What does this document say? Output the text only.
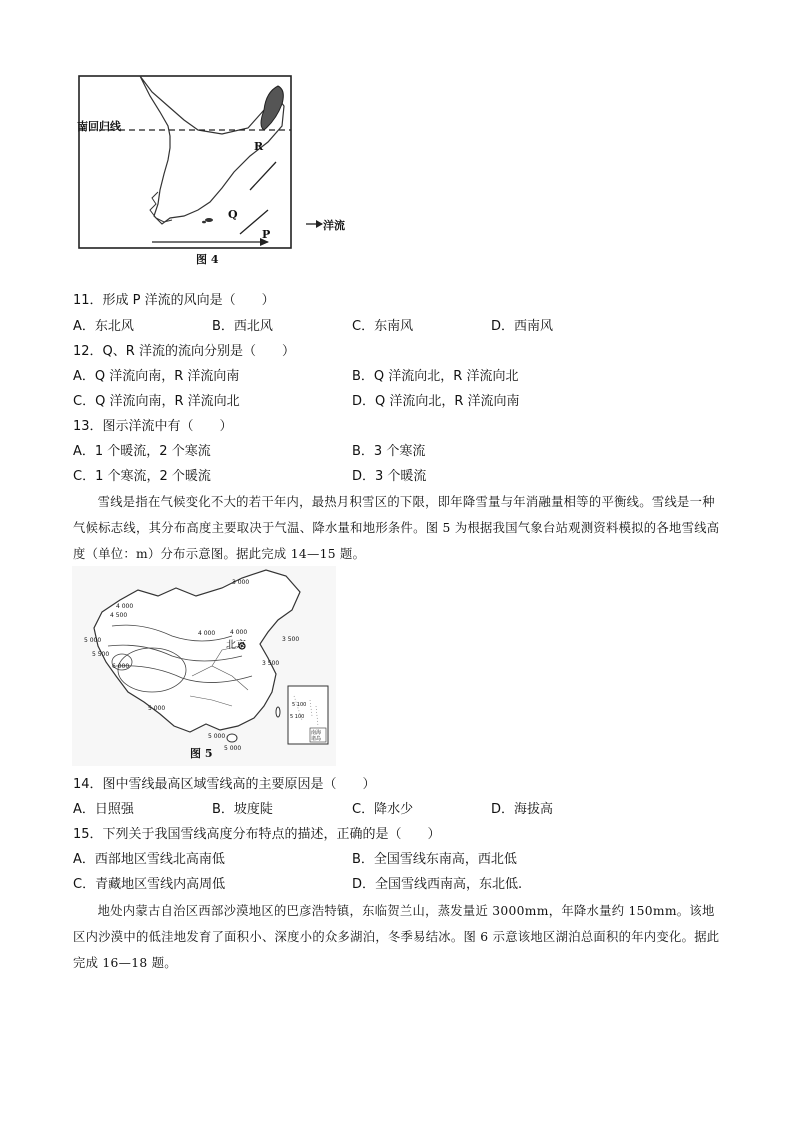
南回归线
R
Q
P
洋流
图 4
11．形成 P 洋流的风向是（　　）
A．东北风	B．西北风	C．东南风	D．西南风
12．Q、R 洋流的流向分别是（　　）
A．Q 洋流向南，R 洋流向南	B．Q 洋流向北，R 洋流向北
C．Q 洋流向南，R 洋流向北	D．Q 洋流向北，R 洋流向南
13．图示洋流中有（　　）
A．1 个暖流，2 个寒流	B．3 个寒流
C．1 个寒流，2 个暖流	D．3 个暖流
雪线是指在气候变化不大的若干年内，最热月积雪区的下限，即年降雪量与年消融量相等的平衡线。雪线是一种气候标志线，其分布高度主要取决于气温、降水量和地形条件。图 5 为根据我国气象台站观测资料模拟的各地雪线高度（单位：m）分布示意图。据此完成 14—15 题。
北京
3 000
4 000
4 500
4 000
5 000
5 500
6 000
5 000
4 000
3 500
3 500
5 000
5 000
5 100
5 100
南海诸岛
图 5
14．图中雪线最高区域雪线高的主要原因是（　　）
A．日照强	B．坡度陡	C．降水少	D．海拔高
15．下列关于我国雪线高度分布特点的描述，正确的是（　　）
A．西部地区雪线北高南低	B．全国雪线东南高，西北低
C．青藏地区雪线内高周低	D．全国雪线西南高，东北低.
地处内蒙古自治区西部沙漠地区的巴彦浩特镇，东临贺兰山，蒸发量近 3000mm，年降水量约 150mm。该地区内沙漠中的低洼地发育了面积小、深度小的众多湖泊，冬季易结冰。图 6 示意该地区湖泊总面积的年内变化。据此完成 16—18 题。
